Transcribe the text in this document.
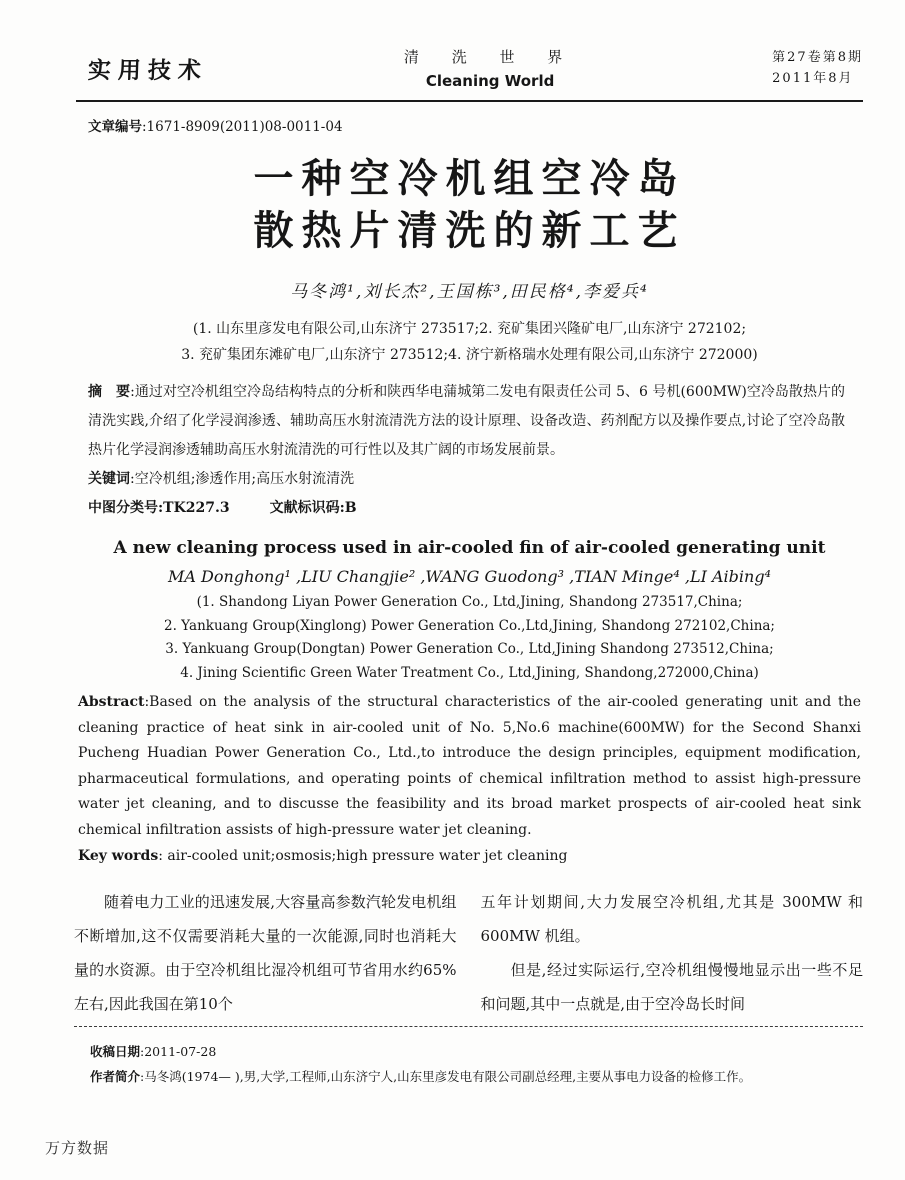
实用技术
清 洗 世 界
Cleaning World
第27卷第8期
2011年8月
文章编号:1671-8909(2011)08-0011-04
一种空冷机组空冷岛
散热片清洗的新工艺
马冬鸿¹,刘长杰²,王国栋³,田民格⁴,李爱兵⁴
(1. 山东里彦发电有限公司,山东济宁 273517;2. 兖矿集团兴隆矿电厂,山东济宁 272102;
3. 兖矿集团东滩矿电厂,山东济宁 273512;4. 济宁新格瑞水处理有限公司,山东济宁 272000)

摘　要:通过对空冷机组空冷岛结构特点的分析和陕西华电蒲城第二发电有限责任公司 5、6 号机(600MW)空冷岛散热片的清洗实践,介绍了化学浸润渗透、辅助高压水射流清洗方法的设计原理、设备改造、药剂配方以及操作要点,讨论了空冷岛散热片化学浸润渗透辅助高压水射流清洗的可行性以及其广阔的市场发展前景。

关键词:空冷机组;渗透作用;高压水射流清洗
中图分类号:TK227.3	文献标识码:B
A new cleaning process used in air-cooled fin of air-cooled generating unit
MA Donghong¹ ,LIU Changjie² ,WANG Guodong³ ,TIAN Minge⁴ ,LI Aibing⁴
(1. Shandong Liyan Power Generation Co., Ltd,Jining, Shandong 273517,China;
2. Yankuang Group(Xinglong) Power Generation Co.,Ltd,Jining, Shandong 272102,China;
3. Yankuang Group(Dongtan) Power Generation Co., Ltd,Jining Shandong 273512,China;
4. Jining Scientific Green Water Treatment Co., Ltd,Jining, Shandong,272000,China)

Abstract:Based on the analysis of the structural characteristics of the air-cooled generating unit and the cleaning practice of heat sink in air-cooled unit of No. 5,No.6 machine(600MW) for the Second Shanxi Pucheng Huadian Power Generation Co., Ltd.,to introduce the design principles, equipment modification, pharmaceutical formulations, and operating points of chemical infiltration method to assist high-pressure water jet cleaning, and to discusse the feasibility and its broad market prospects of air-cooled heat sink chemical infiltration assists of high-pressure water jet cleaning.

Key words: air-cooled unit;osmosis;high pressure water jet cleaning

随着电力工业的迅速发展,大容量高参数汽轮发电机组不断增加,这不仅需要消耗大量的一次能源,同时也消耗大量的水资源。由于空冷机组比湿冷机组可节省用水约65%左右,因此我国在第10个

五年计划期间,大力发展空冷机组,尤其是 300MW 和 600MW 机组。

但是,经过实际运行,空冷机组慢慢地显示出一些不足和问题,其中一点就是,由于空冷岛长时间

收稿日期:2011-07-28
作者简介:马冬鸿(1974— ),男,大学,工程师,山东济宁人,山东里彦发电有限公司副总经理,主要从事电力设备的检修工作。
万方数据
